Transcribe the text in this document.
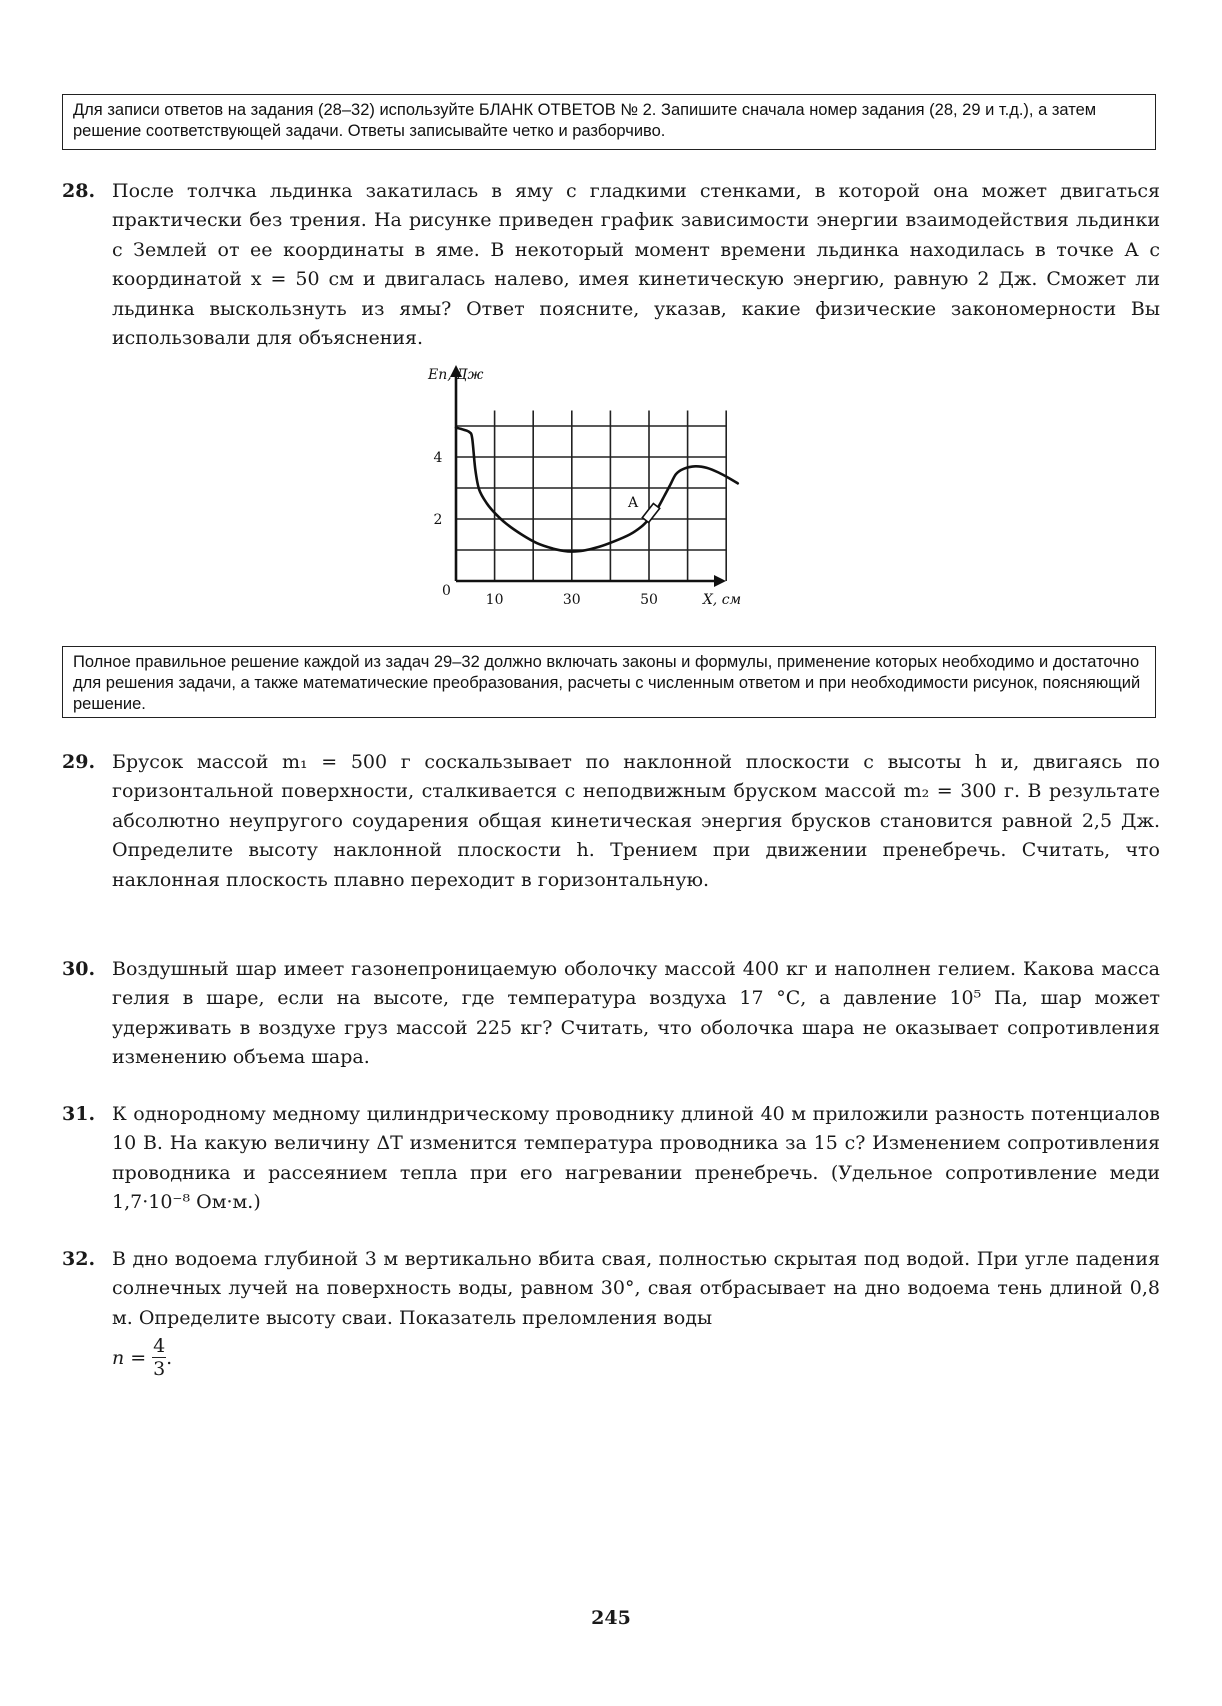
Для записи ответов на задания (28–32) используйте БЛАНК ОТВЕТОВ № 2. Запишите сначала номер задания (28, 29 и т.д.), а затем решение соответствующей задачи. Ответы записывайте четко и разборчиво.
28. После толчка льдинка закатилась в яму с гладкими стенками, в которой она может двигаться практически без трения. На рисунке приведен график зависимости энергии взаимодействия льдинки с Землей от ее координаты в яме. В некоторый момент времени льдинка находилась в точке А с координатой x = 50 см и двигалась налево, имея кинетическую энергию, равную 2 Дж. Сможет ли льдинка выскользнуть из ямы? Ответ поясните, указав, какие физические закономерности Вы использовали для объяснения.

10	30	50
2
4
А
Eп, Дж
X, см
0
Полное правильное решение каждой из задач 29–32 должно включать законы и формулы, применение которых необходимо и достаточно для решения задачи, а также математические преобразования, расчеты с численным ответом и при необходимости рисунок, поясняющий решение.
29. Брусок массой m₁ = 500 г соскальзывает по наклонной плоскости с высоты h и, двигаясь по горизонтальной поверхности, сталкивается с неподвижным бруском массой m₂ = 300 г. В результате абсолютно неупругого соударения общая кинетическая энергия брусков становится равной 2,5 Дж. Определите высоту наклонной плоскости h. Трением при движении пренебречь. Считать, что наклонная плоскость плавно переходит в горизонтальную.

30. Воздушный шар имеет газонепроницаемую оболочку массой 400 кг и наполнен гелием. Какова масса гелия в шаре, если на высоте, где температура воздуха 17 °С, а давление 10⁵ Па, шар может удерживать в воздухе груз массой 225 кг? Считать, что оболочка шара не оказывает сопротивления изменению объема шара.

31. К однородному медному цилиндрическому проводнику длиной 40 м приложили разность потенциалов 10 В. На какую величину ΔT изменится температура проводника за 15 с? Изменением сопротивления проводника и рассеянием тепла при его нагревании пренебречь. (Удельное сопротивление меди 1,7·10⁻⁸ Ом·м.)

32. В дно водоема глубиной 3 м вертикально вбита свая, полностью скрытая под водой. При угле падения солнечных лучей на поверхность воды, равном 30°, свая отбрасывает на дно водоема тень длиной 0,8 м. Определите высоту сваи. Показатель преломления воды

$n = \frac{4}{3}$ .
245
